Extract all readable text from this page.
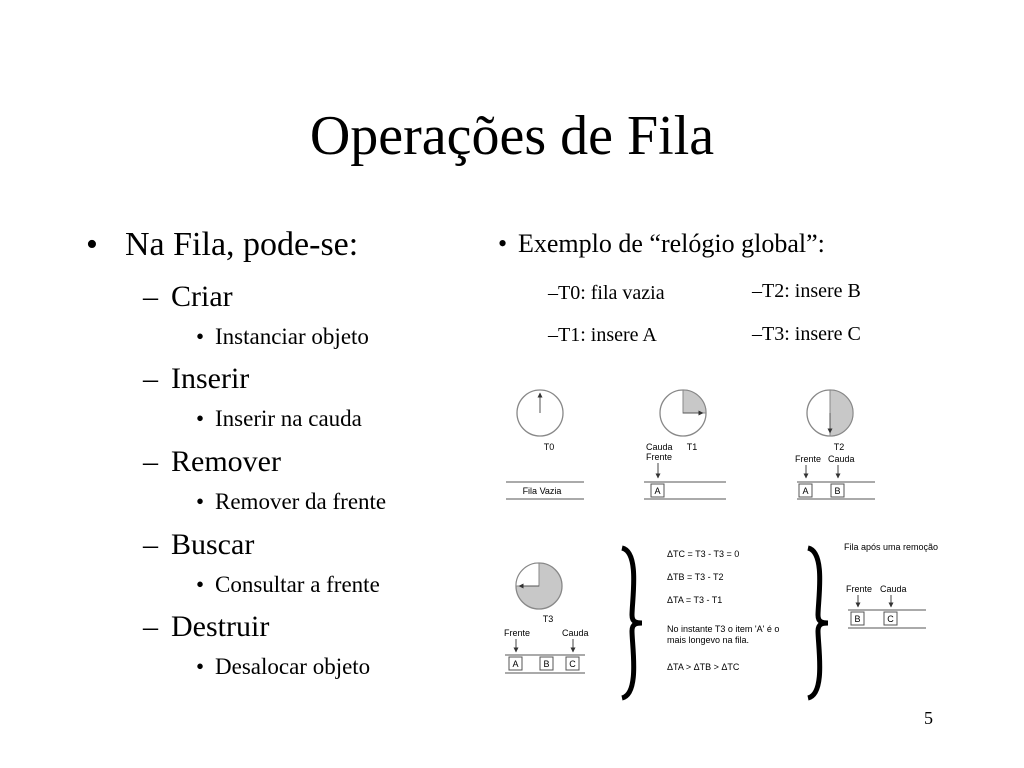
Operações de Fila
• Na Fila, pode-se:
– Criar
• Instanciar objeto
– Inserir
• Inserir na cauda
– Remover
• Remover da frente
– Buscar
• Consultar a frente
– Destruir
• Desalocar objeto
• Exemplo de “relógio global”:
–T0: fila vazia
–T1: insere A
–T2: insere B
–T3: insere C
T0
Fila Vazia
T1
Cauda
Frente
A
T2
Frente Cauda
A	B
T3
Frente	Cauda
A	B C
ΔTC = T3 - T3 = 0
ΔTB = T3 - T2
ΔTA = T3 - T1
No instante T3 o item 'A' é o
mais longevo na fila.
ΔTA > ΔTB > ΔTC
Fila após uma remoção
Frente Cauda
B	C
5
